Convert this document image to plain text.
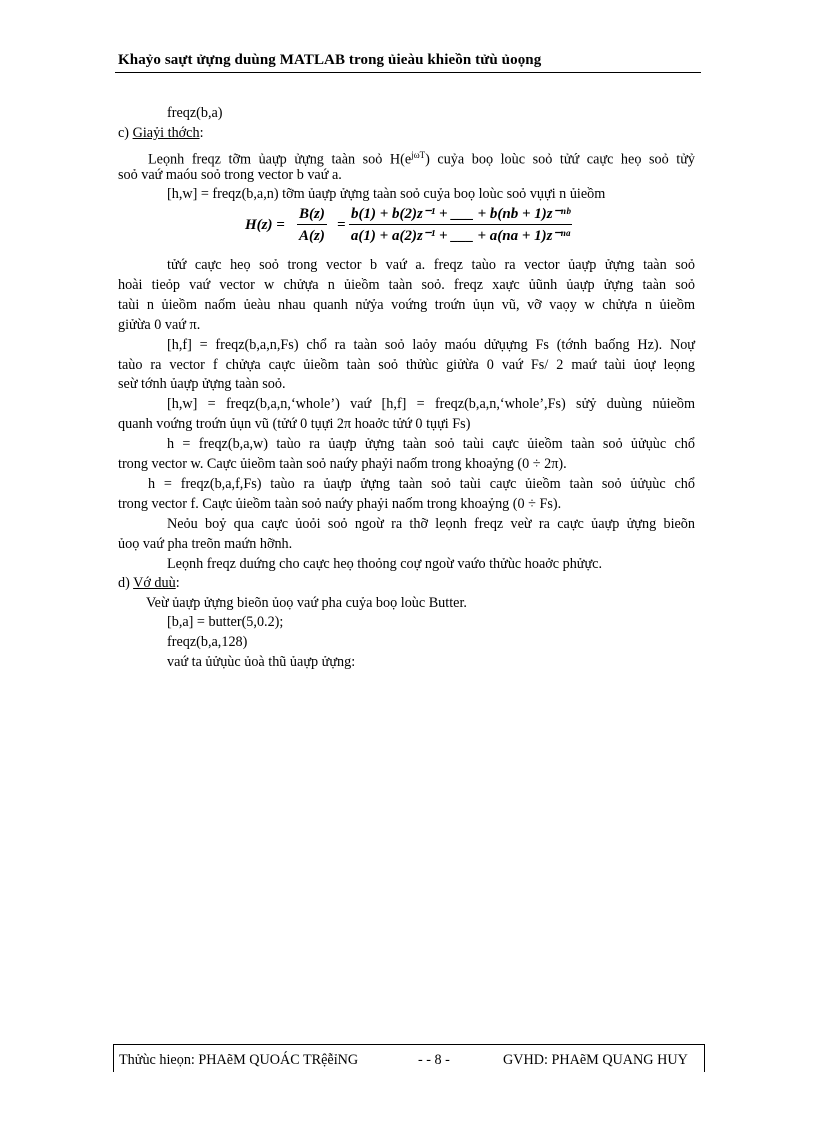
Khaỷo saựt ửựng duùng MATLAB trong ủieàu khieồn tửù ủoọng
freqz(b,a)
c) Giaỷi thớch:
Leọnh freqz tỡm ủaựp ửựng taàn soỏ $H(e^{j\omega T})$ cuỷa boọ loùc soỏ tửứ caực heọ soỏ tửỷ
soỏ vaứ maóu soỏ trong vector b vaứ a.
[h,w] = freqz(b,a,n) tỡm ủaựp ửựng taàn soỏ cuỷa boọ loùc soỏ vụựi n ủieồm
$H(z) = \frac{B(z)}{A(z)} = \frac{\text{b(1) + b(2)z⁻¹ + \_\_\_ + b(nb + 1)z⁻ⁿᵇ}}{\text{a(1) + a(2)z⁻¹ + \_\_\_ + a(na + 1)z⁻ⁿᵃ}}$
tửứ caực heọ soỏ trong vector b vaứ a. freqz taùo ra vector ủaựp ửựng taàn soỏ
hoài tieỏp vaứ vector w chửựa n ủieồm taàn soỏ. freqz xaực ủũnh ủaựp ửựng taàn soỏ
taùi n ủieồm naốm ủeàu nhau quanh nửỷa voứng troứn ủụn vũ, vỡ vaọy w chửựa n ủieồm
giửừa 0 vaứ π.
[h,f] = freqz(b,a,n,Fs) chổ ra taàn soỏ laỏy maóu dửụựng Fs (tớnh baống Hz). Noự
taùo ra vector f chửựa caực ủieồm taàn soỏ thửùc giửừa 0 vaứ Fs/ 2 maứ taùi ủoự leọng
seừ tớnh ủaựp ửựng taàn soỏ.
[h,w] = freqz(b,a,n,‘whole’) vaứ [h,f] = freqz(b,a,n,‘whole’,Fs) sửỷ duùng nủieồm
quanh voứng troứn ủụn vũ (tửứ 0 tụựi 2π hoaởc tửứ 0 tụựi Fs)
h = freqz(b,a,w) taùo ra ủaựp ửựng taàn soỏ taùi caực ủieồm taàn soỏ ủửụùc chổ
trong vector w. Caực ủieồm taàn soỏ naứy phaỷi naốm trong khoaỷng (0 ÷ 2π).
h = freqz(b,a,f,Fs) taùo ra ủaựp ửựng taàn soỏ taùi caực ủieồm taàn soỏ ủửụùc chổ
trong vector f. Caực ủieồm taàn soỏ naứy phaỷi naốm trong khoaỷng (0 ÷ Fs).
Neỏu boỷ qua caực ủoỏi soỏ ngoừ ra thỡ leọnh freqz veừ ra caực ủaựp ửựng bieõn
ủoọ vaứ pha treõn maứn hỡnh.
Leọnh freqz duứng cho caực heọ thoỏng coự ngoừ vaứo thửùc hoaởc phửực.
d) Vớ duù:
Veừ ủaựp ửựng bieõn ủoọ vaứ pha cuỷa boọ loùc Butter.
[b,a] = butter(5,0.2);
freqz(b,a,128)
vaứ ta ủửụùc ủoà thũ ủaựp ửựng:
Thửùc hieọn: PHAẽM QUOÁC TRệễỉNG	- - 8 -	GVHD: PHAẽM QUANG HUY
